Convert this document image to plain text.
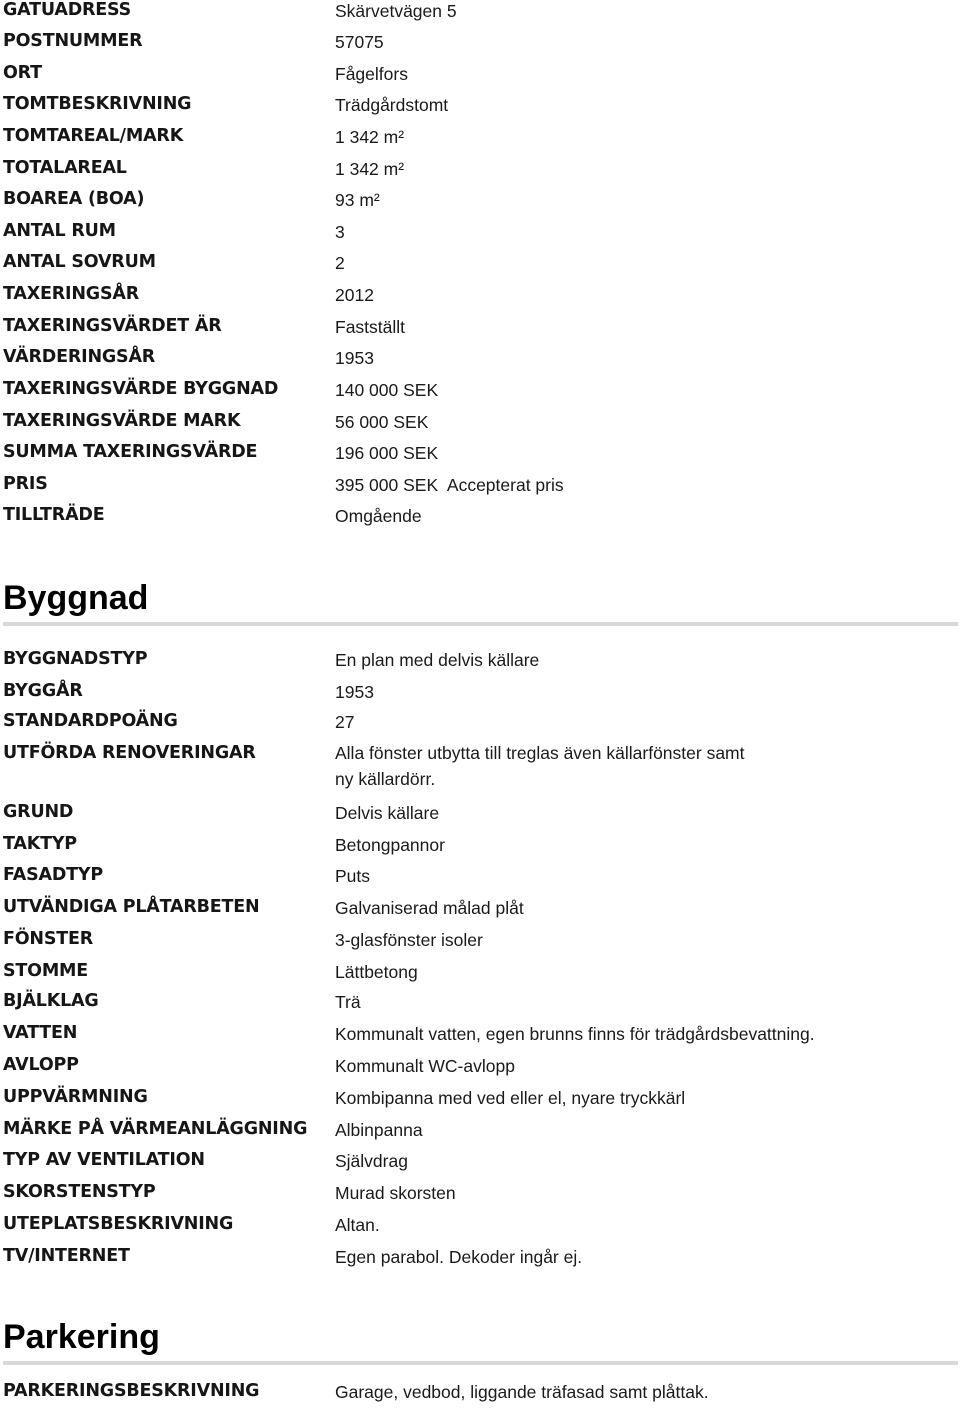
GATUADRESS	Skärvetvägen 5
POSTNUMMER	57075
ORT	Fågelfors
TOMTBESKRIVNING	Trädgårdstomt
TOMTAREAL/MARK	1 342 m²
TOTALAREAL	1 342 m²
BOAREA (BOA)	93 m²
ANTAL RUM	3
ANTAL SOVRUM	2
TAXERINGSÅR	2012
TAXERINGSVÄRDET ÄR	Fastställt
VÄRDERINGSÅR	1953
TAXERINGSVÄRDE BYGGNAD	140 000 SEK
TAXERINGSVÄRDE MARK	56 000 SEK
SUMMA TAXERINGSVÄRDE	196 000 SEK
PRIS	395 000 SEK  Accepterat pris
TILLTRÄDE	Omgående
Byggnad
BYGGNADSTYP	En plan med delvis källare
BYGGÅR	1953
STANDARDPOÄNG	27
UTFÖRDA RENOVERINGAR	Alla fönster utbytta till treglas även källarfönster samt ny källardörr.
GRUND	Delvis källare
TAKTYP	Betongpannor
FASADTYP	Puts
UTVÄNDIGA PLÅTARBETEN	Galvaniserad målad plåt
FÖNSTER	3-glasfönster isoler
STOMME	Lättbetong
BJÄLKLAG	Trä
VATTEN	Kommunalt vatten, egen brunns finns för trädgårdsbevattning.
AVLOPP	Kommunalt WC-avlopp
UPPVÄRMNING	Kombipanna med ved eller el, nyare tryckkärl
MÄRKE PÅ VÄRMEANLÄGGNING Albinpanna
TYP AV VENTILATION	Självdrag
SKORSTENSTYP	Murad skorsten
UTEPLATSBESKRIVNING	Altan.
TV/INTERNET	Egen parabol. Dekoder ingår ej.
Parkering
PARKERINGSBESKRIVNING	Garage, vedbod, liggande träfasad samt plåttak.
